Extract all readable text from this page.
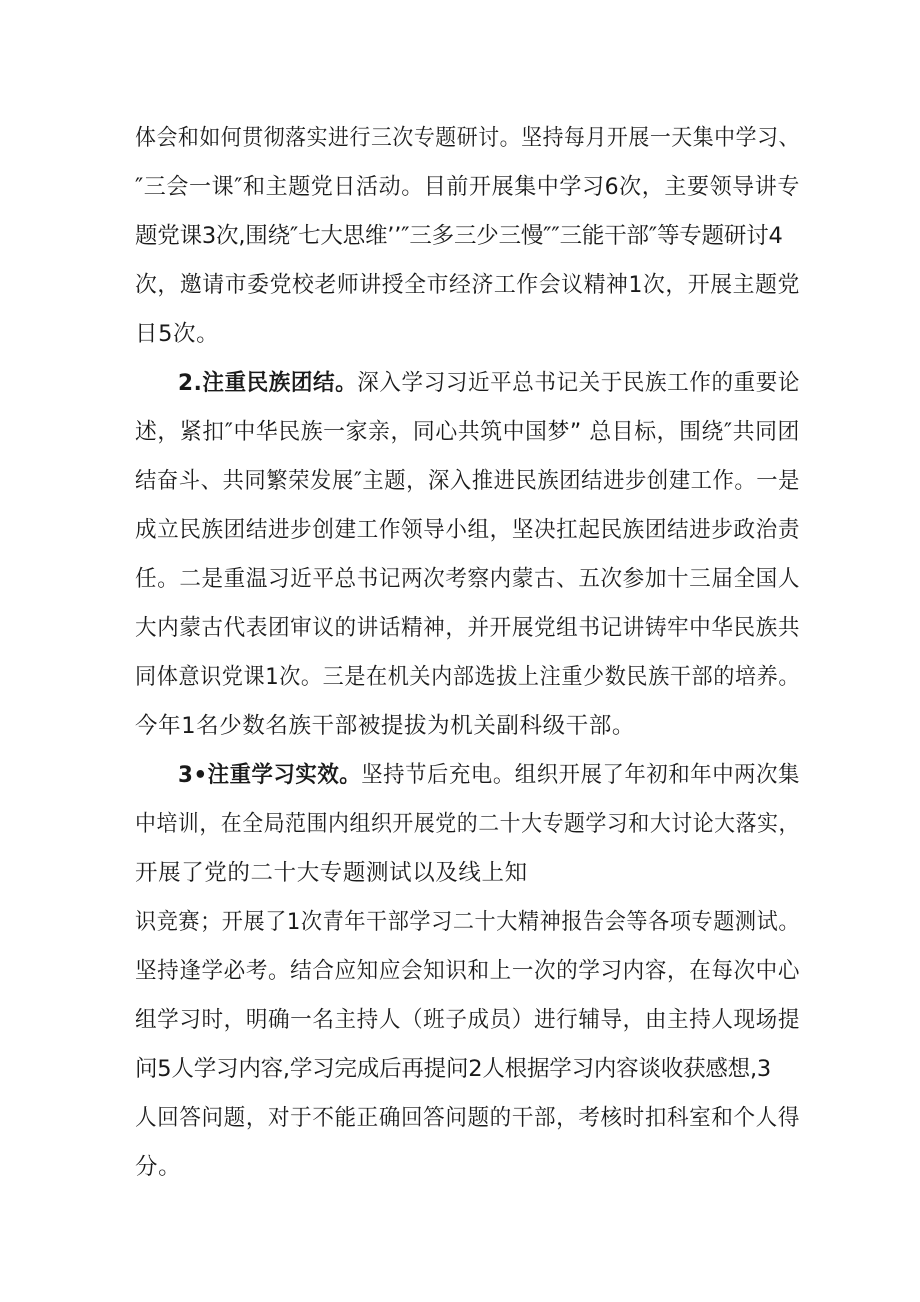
体会和如何贯彻落实进行三次专题研讨。坚持每月开展一天集中学习、
″三会一课″和主题党日活动。目前开展集中学习6次，主要领导讲专
题党课3次,围绕″七大思维’’″三多三少三慢″″三能干部″等专题研讨4
次，邀请市委党校老师讲授全市经济工作会议精神1次，开展主题党
日5次。
2.注重民族团结。深入学习习近平总书记关于民族工作的重要论
述，紧扣″中华民族一家亲，同心共筑中国梦” 总目标，围绕″共同团
结奋斗、共同繁荣发展″主题，深入推进民族团结进步创建工作。一是
成立民族团结进步创建工作领导小组，坚决扛起民族团结进步政治责
任。二是重温习近平总书记两次考察内蒙古、五次参加十三届全国人
大内蒙古代表团审议的讲话精神，并开展党组书记讲铸牢中华民族共
同体意识党课1次。三是在机关内部选拔上注重少数民族干部的培养。
今年1名少数名族干部被提拔为机关副科级干部。
3•注重学习实效。坚持节后充电。组织开展了年初和年中两次集
中培训，在全局范围内组织开展党的二十大专题学习和大讨论大落实，
开展了党的二十大专题测试以及线上知
识竞赛；开展了1次青年干部学习二十大精神报告会等各项专题测试。
坚持逢学必考。结合应知应会知识和上一次的学习内容，在每次中心
组学习时，明确一名主持人（班子成员）进行辅导，由主持人现场提
问5人学习内容,学习完成后再提问2人根据学习内容谈收获感想,3
人回答问题，对于不能正确回答问题的干部，考核时扣科室和个人得
分。
